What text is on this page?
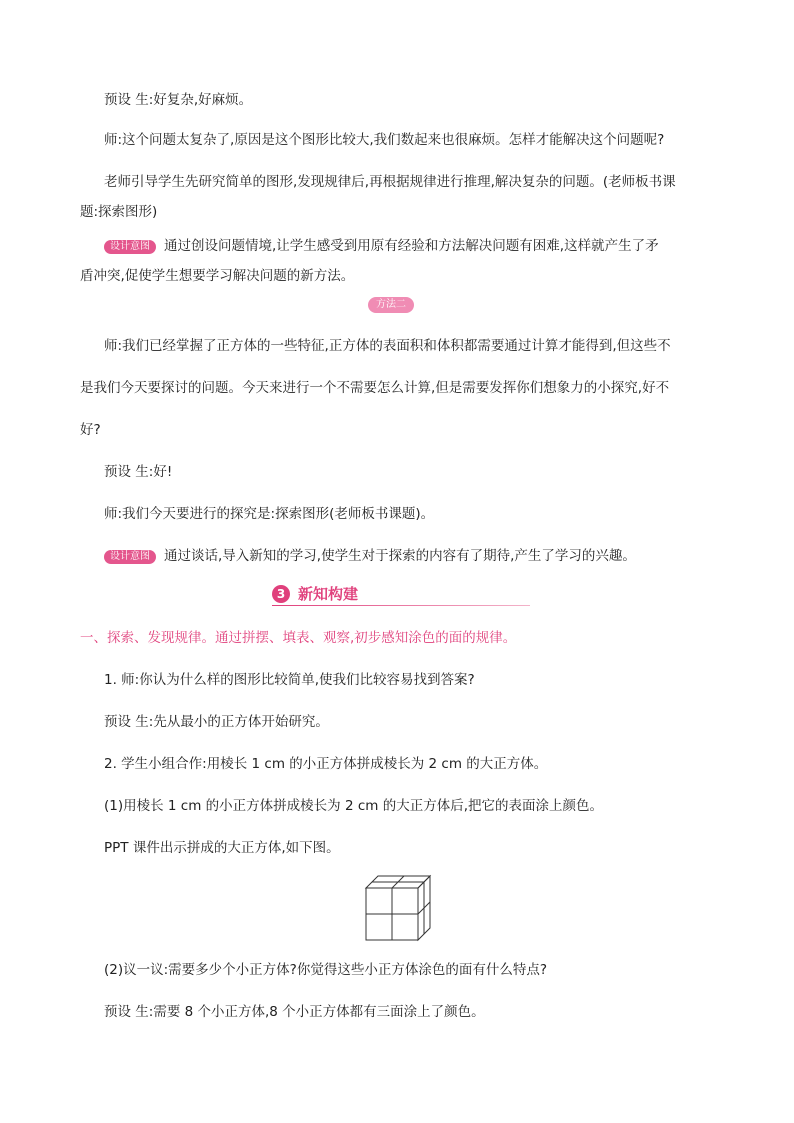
预设 生:好复杂,好麻烦。
师:这个问题太复杂了,原因是这个图形比较大,我们数起来也很麻烦。怎样才能解决这个问题呢?
老师引导学生先研究简单的图形,发现规律后,再根据规律进行推理,解决复杂的问题。(老师板书课
题:探索图形)
设计意图 通过创设问题情境,让学生感受到用原有经验和方法解决问题有困难,这样就产生了矛
盾冲突,促使学生想要学习解决问题的新方法。
方法二
师:我们已经掌握了正方体的一些特征,正方体的表面积和体积都需要通过计算才能得到,但这些不
是我们今天要探讨的问题。今天来进行一个不需要怎么计算,但是需要发挥你们想象力的小探究,好不
好?
预设 生:好!
师:我们今天要进行的探究是:探索图形(老师板书课题)。
设计意图 通过谈话,导入新知的学习,使学生对于探索的内容有了期待,产生了学习的兴趣。
3 新知构建
一、探索、发现规律。通过拼摆、填表、观察,初步感知涂色的面的规律。
1. 师:你认为什么样的图形比较简单,使我们比较容易找到答案?
预设 生:先从最小的正方体开始研究。
2. 学生小组合作:用棱长 1 cm 的小正方体拼成棱长为 2 cm 的大正方体。
(1)用棱长 1 cm 的小正方体拼成棱长为 2 cm 的大正方体后,把它的表面涂上颜色。
PPT 课件出示拼成的大正方体,如下图。
(2)议一议:需要多少个小正方体?你觉得这些小正方体涂色的面有什么特点?
预设 生:需要 8 个小正方体,8 个小正方体都有三面涂上了颜色。
